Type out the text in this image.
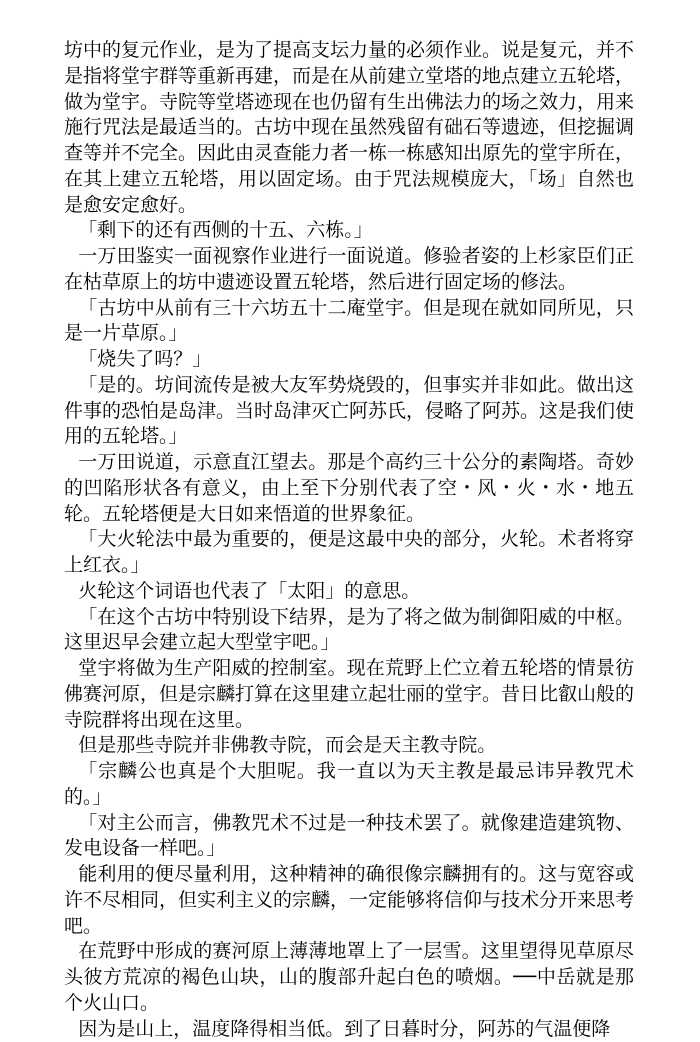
坊中的复元作业，是为了提高支坛力量的必须作业。说是复元，并不是指将堂宇群等重新再建，而是在从前建立堂塔的地点建立五轮塔，做为堂宇。寺院等堂塔迹现在也仍留有生出佛法力的场之效力，用来施行咒法是最适当的。古坊中现在虽然残留有础石等遗迹，但挖掘调查等并不完全。因此由灵查能力者一栋一栋感知出原先的堂宇所在，在其上建立五轮塔，用以固定场。由于咒法规模庞大，「场」自然也是愈安定愈好。

「剩下的还有西侧的十五、六栋。」

一万田鉴实一面视察作业进行一面说道。修验者姿的上杉家臣们正在枯草原上的坊中遗迹设置五轮塔，然后进行固定场的修法。

「古坊中从前有三十六坊五十二庵堂宇。但是现在就如同所见，只是一片草原。」

「烧失了吗？」

「是的。坊间流传是被大友军势烧毁的，但事实并非如此。做出这件事的恐怕是岛津。当时岛津灭亡阿苏氏，侵略了阿苏。这是我们使用的五轮塔。」

一万田说道，示意直江望去。那是个高约三十公分的素陶塔。奇妙的凹陷形状各有意义，由上至下分别代表了空・风・火・水・地五轮。五轮塔便是大日如来悟道的世界象征。

「大火轮法中最为重要的，便是这最中央的部分，火轮。术者将穿上红衣。」

火轮这个词语也代表了「太阳」的意思。

「在这个古坊中特别设下结界，是为了将之做为制御阳威的中枢。这里迟早会建立起大型堂宇吧。」

堂宇将做为生产阳威的控制室。现在荒野上伫立着五轮塔的情景彷佛赛河原，但是宗麟打算在这里建立起壮丽的堂宇。昔日比叡山般的寺院群将出现在这里。

但是那些寺院并非佛教寺院，而会是天主教寺院。

「宗麟公也真是个大胆呢。我一直以为天主教是最忌讳异教咒术的。」

「对主公而言，佛教咒术不过是一种技术罢了。就像建造建筑物、发电设备一样吧。」

能利用的便尽量利用，这种精神的确很像宗麟拥有的。这与宽容或许不尽相同，但实利主义的宗麟，一定能够将信仰与技术分开来思考吧。

在荒野中形成的赛河原上薄薄地罩上了一层雪。这里望得见草原尽头彼方荒凉的褐色山块，山的腹部升起白色的喷烟。──中岳就是那个火山口。

因为是山上，温度降得相当低。到了日暮时分，阿苏的气温便降
